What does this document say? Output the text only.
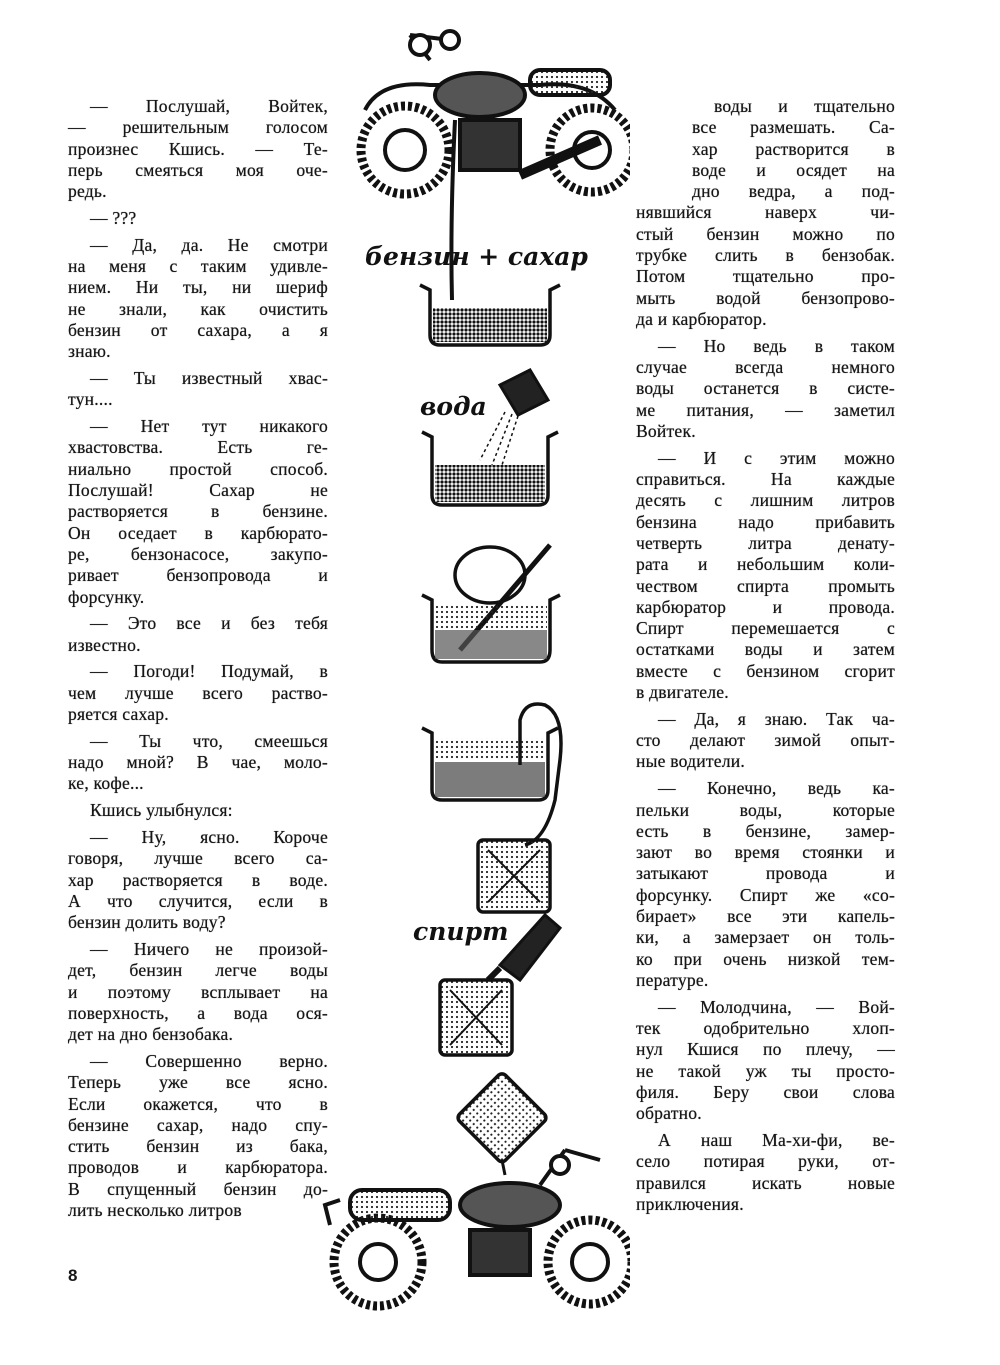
— Послушай, Войтек,
— решительным голосом
произнес Кшись. — Те-
перь смеяться моя оче-
редь.
— ???
— Да, да. Не смотри
на меня с таким удивле-
нием. Ни ты, ни шериф
не знали, как очистить
бензин от сахара, а я
знаю.
— Ты известный хвас-
тун....
— Нет тут никакого
хвастовства. Есть ге-
ниально простой способ.
Послушай! Сахар не
растворяется в бензине.
Он оседает в карбюрато-
ре, бензонасосе, закупо-
ривает бензопровода и
форсунку.
— Это все и без тебя
известно.
— Погоди! Подумай, в
чем лучше всего раство-
ряется сахар.
— Ты что, смеешься
надо мной? В чае, моло-
ке, кофе...
Кшись улыбнулся:
— Ну, ясно. Короче
говоря, лучше всего са-
хар растворяется в воде.
А что случится, если в
бензин долить воду?
— Ничего не произой-
дет, бензин легче воды
и поэтому всплывает на
поверхность, а вода ося-
дет на дно бензобака.
— Совершенно верно.
Теперь уже все ясно.
Если окажется, что в
бензине сахар, надо спу-
стить бензин из бака,
проводов и карбюратора.
В спущенный бензин до-
лить несколько литров
воды и тщательно
все размешать. Са-
хар растворится в
воде и осядет на
дно ведра, а под-
нявшийся наверх чи-
стый бензин можно по
трубке слить в бензобак.
Потом тщательно про-
мыть водой бензопрово-
да и карбюратор.
— Но ведь в таком
случае всегда немного
воды останется в систе-
ме питания, — заметил
Войтек.
— И с этим можно
справиться. На каждые
десять с лишним литров
бензина надо прибавить
четверть литра денату-
рата и небольшим коли-
чеством спирта промыть
карбюратор и провода.
Спирт перемешается с
остатками воды и затем
вместе с бензином сгорит
в двигателе.
— Да, я знаю. Так ча-
сто делают зимой опыт-
ные водители.
— Конечно, ведь ка-
пельки воды, которые
есть в бензине, замер-
зают во время стоянки и
затыкают провода и
форсунку. Спирт же «со-
бирает» все эти капель-
ки, а замерзает он толь-
ко при очень низкой тем-
пературе.
— Молодчина, — Вой-
тек одобрительно хлоп-
нул Кшися по плечу, —
не такой уж ты просто-
филя. Беру свои слова
обратно.
А наш Ма-хи-фи, ве-
село потирая руки, от-
правился искать новые
приключения.
бензин + сахар
вода
спирт
8
